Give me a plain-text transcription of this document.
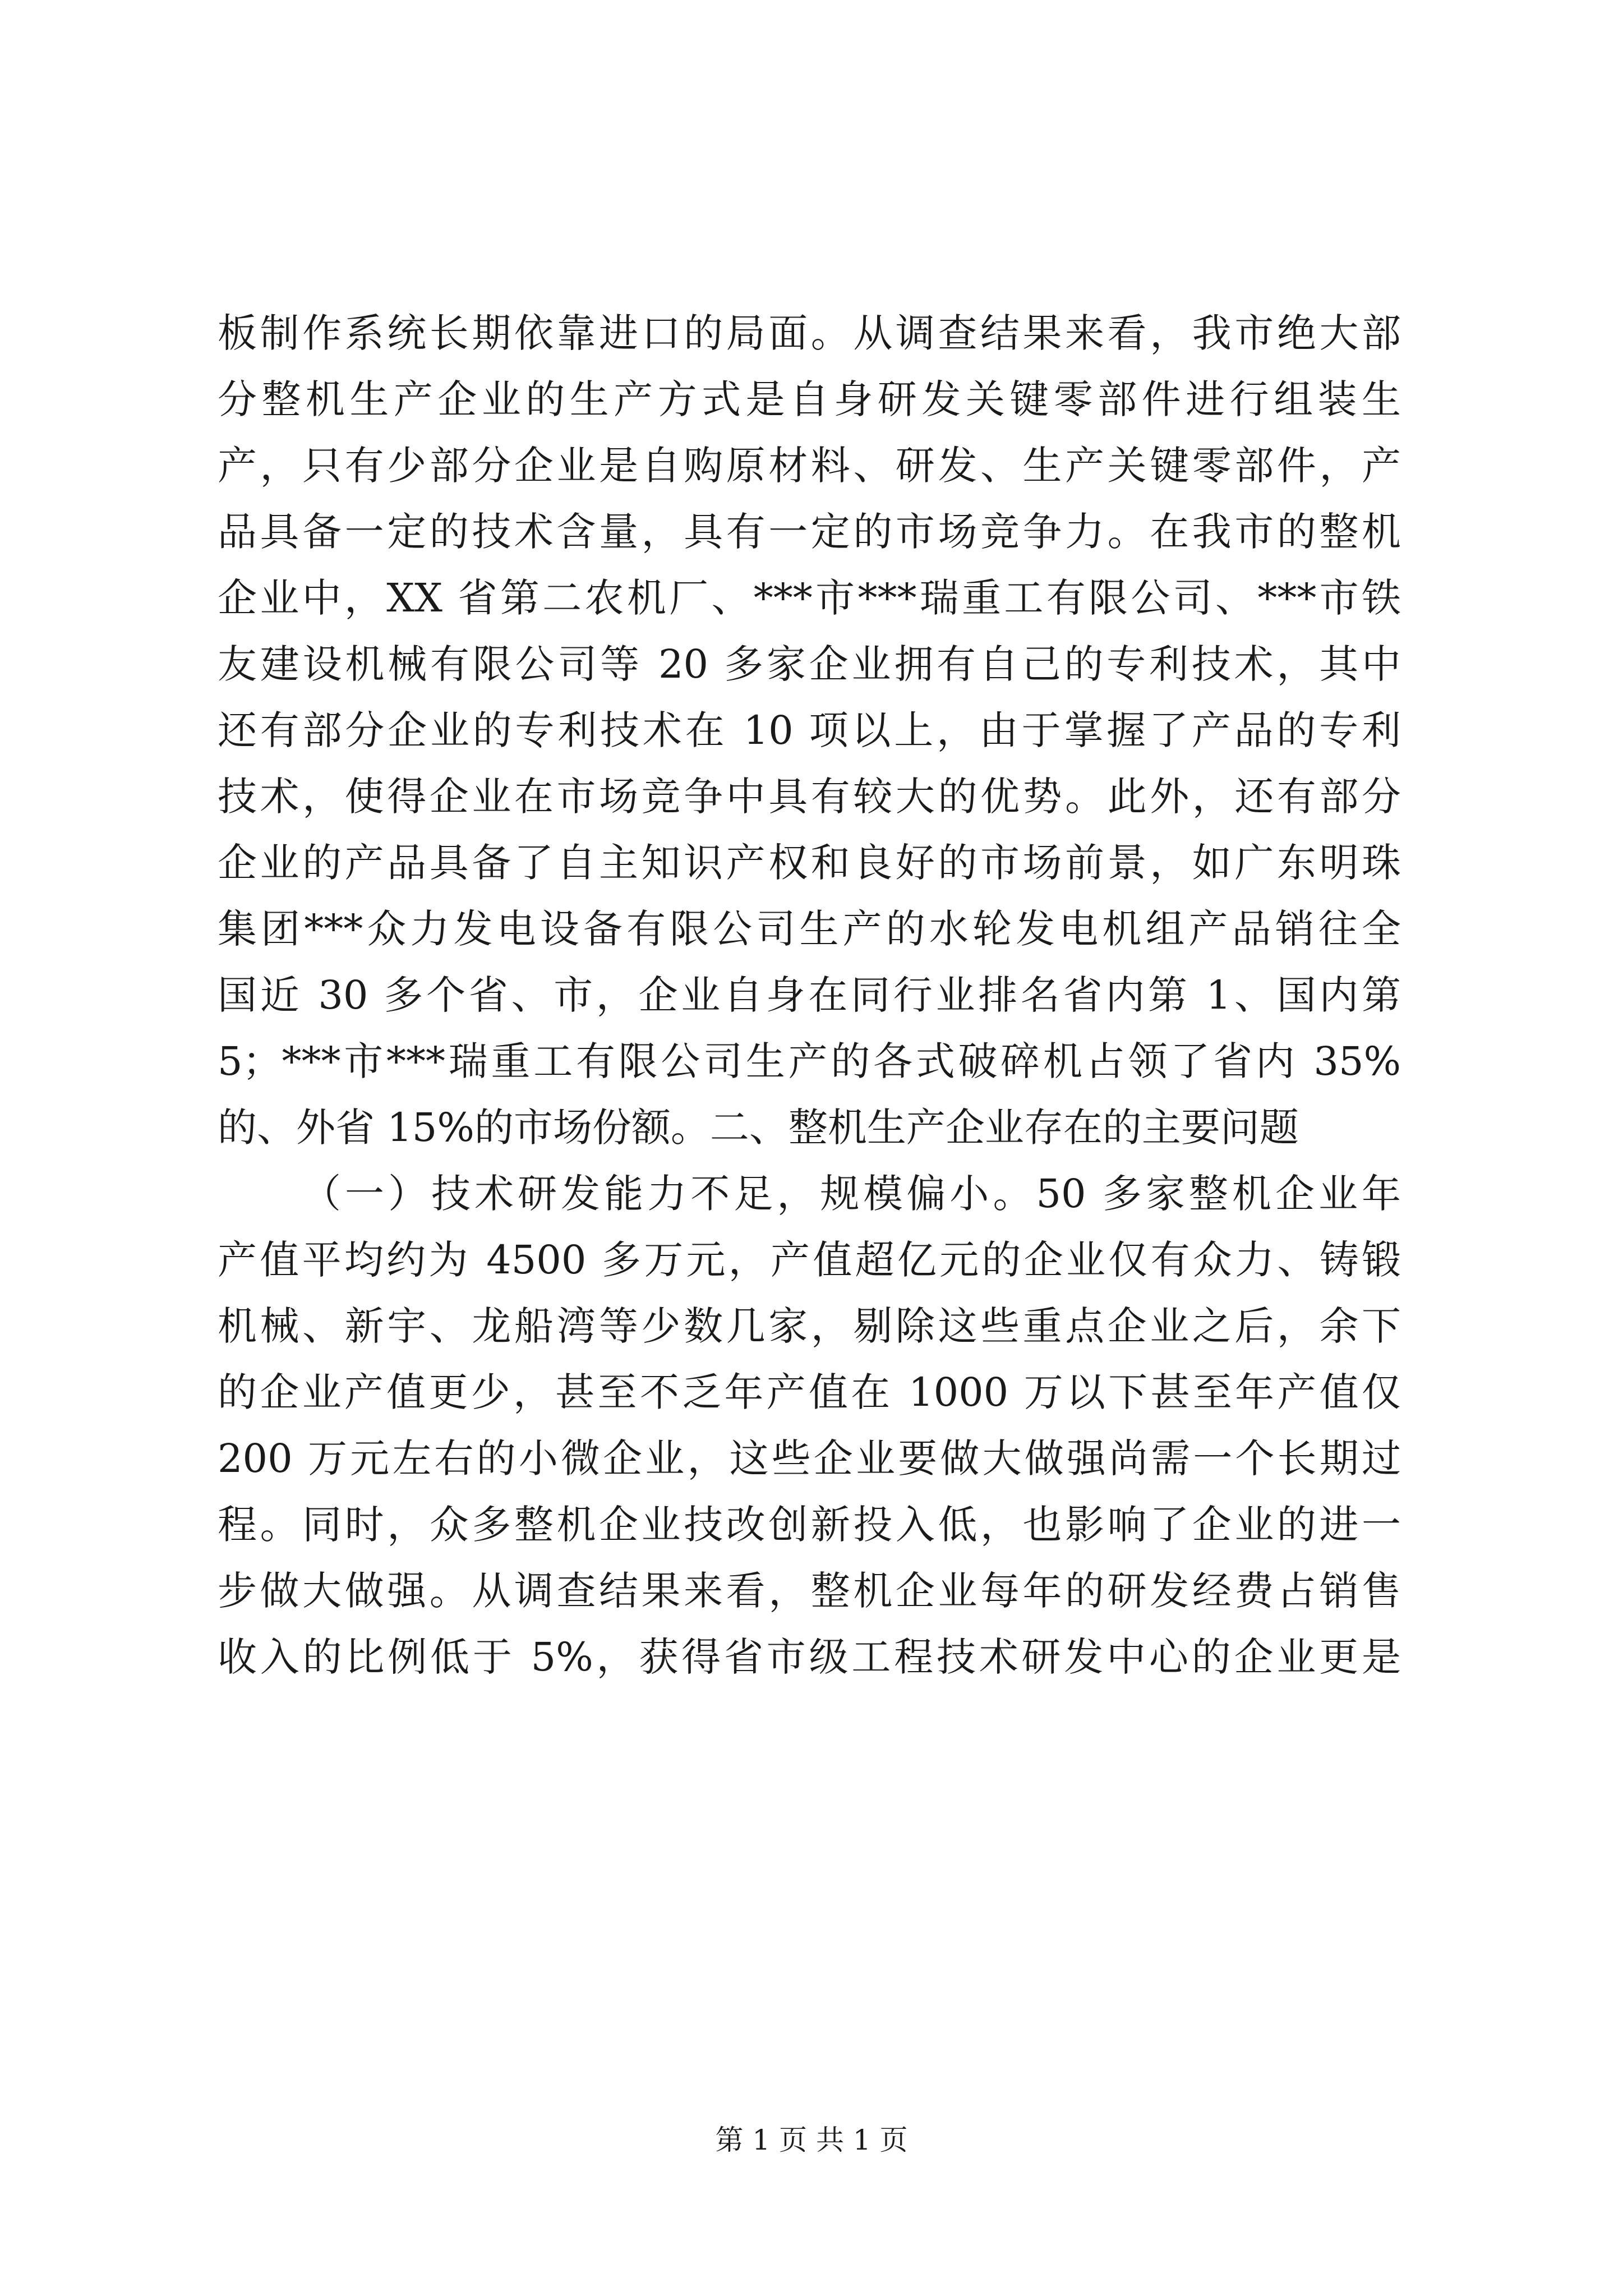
板制作系统长期依靠进口的局面。从调查结果来看，我市绝大部
分整机生产企业的生产方式是自身研发关键零部件进行组装生
产，只有少部分企业是自购原材料、研发、生产关键零部件，产
品具备一定的技术含量，具有一定的市场竞争力。在我市的整机
企业中，XX 省第二农机厂、***市***瑞重工有限公司、***市铁
友建设机械有限公司等 20 多家企业拥有自己的专利技术，其中
还有部分企业的专利技术在 10 项以上，由于掌握了产品的专利
技术，使得企业在市场竞争中具有较大的优势。此外，还有部分
企业的产品具备了自主知识产权和良好的市场前景，如广东明珠
集团***众力发电设备有限公司生产的水轮发电机组产品销往全
国近 30 多个省、市，企业自身在同行业排名省内第 1、国内第
5；***市***瑞重工有限公司生产的各式破碎机占领了省内 35%
的、外省 15%的市场份额。二、整机生产企业存在的主要问题
（一）技术研发能力不足，规模偏小。50 多家整机企业年
产值平均约为 4500 多万元，产值超亿元的企业仅有众力、铸锻
机械、新宇、龙船湾等少数几家，剔除这些重点企业之后，余下
的企业产值更少，甚至不乏年产值在 1000 万以下甚至年产值仅
200 万元左右的小微企业，这些企业要做大做强尚需一个长期过
程。同时，众多整机企业技改创新投入低，也影响了企业的进一
步做大做强。从调查结果来看，整机企业每年的研发经费占销售
收入的比例低于 5%，获得省市级工程技术研发中心的企业更是
第 1 页 共 1 页
